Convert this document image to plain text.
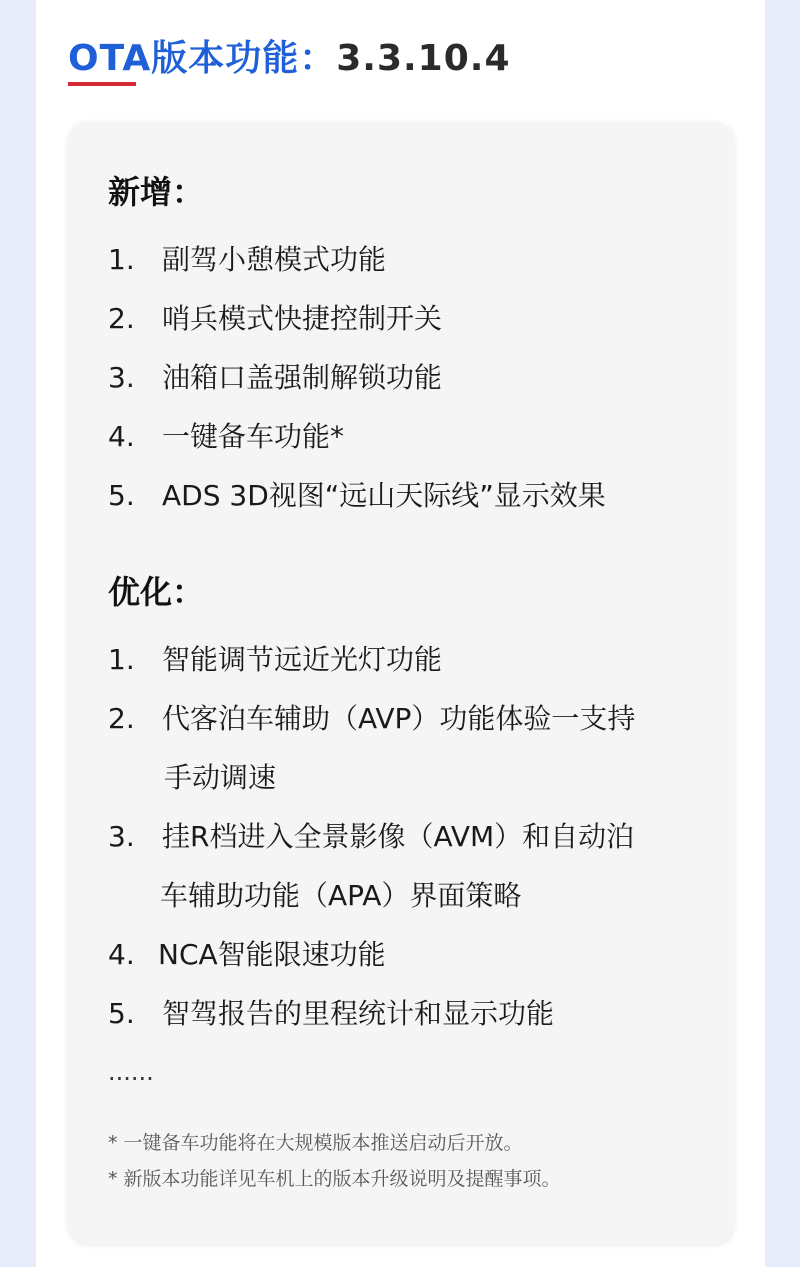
OTA版本功能：3.3.10.4
新增：
1. 副驾小憩模式功能
2. 哨兵模式快捷控制开关
3. 油箱口盖强制解锁功能
4. 一键备车功能*
5. ADS 3D视图“远山天际线”显示效果
优化：
1. 智能调节远近光灯功能
2. 代客泊车辅助（AVP）功能体验一支持
手动调速
3. 挂R档进入全景影像（AVM）和自动泊
车辅助功能（APA）界面策略
4. NCA智能限速功能
5. 智驾报告的里程统计和显示功能
......
* 一键备车功能将在大规模版本推送启动后开放。
* 新版本功能详见车机上的版本升级说明及提醒事项。
